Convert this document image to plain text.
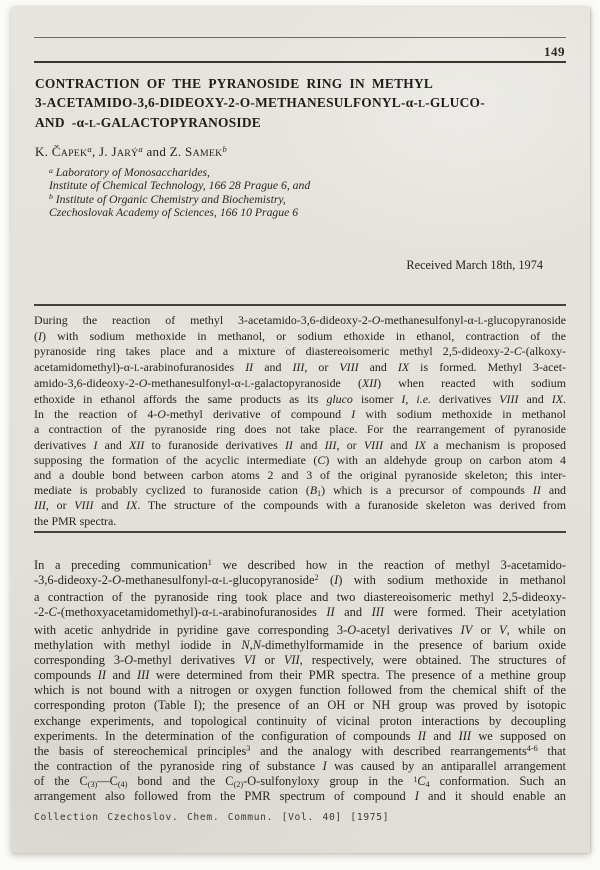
149
CONTRACTION OF THE PYRANOSIDE RING IN METHYL
3-ACETAMIDO-3,6-DIDEOXY-2-O-METHANESULFONYL-α-L-GLUCO-
AND -α-L-GALACTOPYRANOSIDE
K. ČAPEK$^a$, J. JARÝ$^a$ and Z. SAMEK$^b$
$^a$ Laboratory of Monosaccharides,
Institute of Chemical Technology, 166 28 Prague 6, and
$^b$ Institute of Organic Chemistry and Biochemistry,
Czechoslovak Academy of Sciences, 166 10 Prague 6
Received March 18th, 1974
During the reaction of methyl 3-acetamido-3,6-dideoxy-2-O-methanesulfonyl-α-L-glucopyranoside
(I) with sodium methoxide in methanol, or sodium ethoxide in ethanol, contraction of the
pyranoside ring takes place and a mixture of diastereoisomeric methyl 2,5-dideoxy-2-C-(alkoxy-
acetamidomethyl)-α-L-arabinofuranosides II and III, or VIII and IX is formed. Methyl 3-acet-
amido-3,6-dideoxy-2-O-methanesulfonyl-α-L-galactopyranoside (XII) when reacted with sodium
ethoxide in ethanol affords the same products as its gluco isomer I, i.e. derivatives VIII and IX.
In the reaction of 4-O-methyl derivative of compound I with sodium methoxide in methanol
a contraction of the pyranoside ring does not take place. For the rearrangement of pyranoside
derivatives I and XII to furanoside derivatives II and III, or VIII and IX a mechanism is proposed
supposing the formation of the acyclic intermediate (C) with an aldehyde group on carbon atom 4
and a double bond between carbon atoms 2 and 3 of the original pyranoside skeleton; this inter-
mediate is probably cyclized to furanoside cation $(B_1)$ which is a precursor of compounds II and
III, or VIII and IX. The structure of the compounds with a furanoside skeleton was derived from
the PMR spectra.
In a preceding communication$^1$ we described how in the reaction of methyl 3-acetamido-
-3,6-dideoxy-2-O-methanesulfonyl-α-L-glucopyranoside$^2$ (I) with sodium methoxide in methanol
a contraction of the pyranoside ring took place and two diastereoisomeric methyl 2,5-dideoxy-
-2-C-(methoxyacetamidomethyl)-α-L-arabinofuranosides II and III were formed. Their acetylation
with acetic anhydride in pyridine gave corresponding 3-O-acetyl derivatives IV or V, while on
methylation with methyl iodide in N,N-dimethylformamide in the presence of barium oxide
corresponding 3-O-methyl derivatives VI or VII, respectively, were obtained. The structures of
compounds II and III were determined from their PMR spectra. The presence of a methine group
which is not bound with a nitrogen or oxygen function followed from the chemical shift of the
corresponding proton (Table I); the presence of an OH or NH group was proved by isotopic
exchange experiments, and topological continuity of vicinal proton interactions by decoupling
experiments. In the determination of the configuration of compounds II and III we supposed on
the basis of stereochemical principles$^3$ and the analogy with described rearrangements$^{4-6}$ that
the contraction of the pyranoside ring of substance I was caused by an antiparallel arrangement
of the $C_{(3)}—C_{(4)}$ bond and the $C_{(2)}-O$-sulfonyloxy group in the $^1C_4$ conformation. Such an
arrangement also followed from the PMR spectrum of compound I and it should enable an
Collection Czechoslov. Chem. Commun. [Vol. 40] [1975]
